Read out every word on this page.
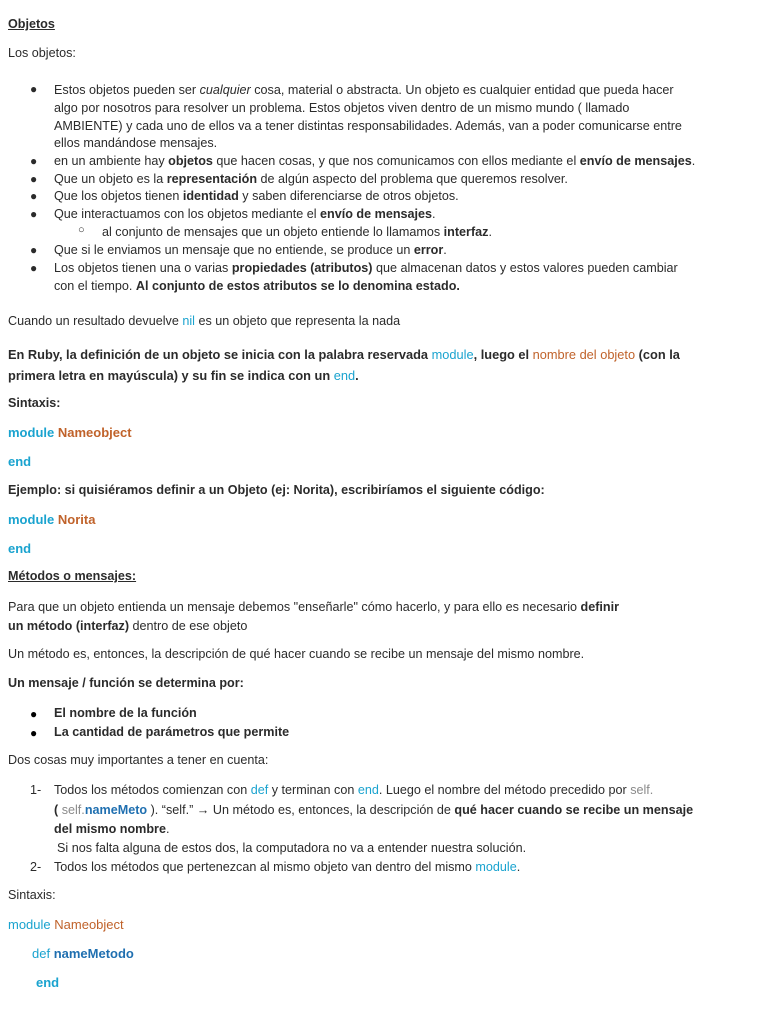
Objetos
Los objetos:
● Estos objetos pueden ser cualquier cosa, material o abstracta. Un objeto es cualquier entidad que pueda hacer
algo por nosotros para resolver un problema. Estos objetos viven dentro de un mismo mundo ( llamado
AMBIENTE) y cada uno de ellos va a tener distintas responsabilidades. Además, van a poder comunicarse entre
ellos mandándose mensajes.
● en un ambiente hay objetos que hacen cosas, y que nos comunicamos con ellos mediante el envío de mensajes.
● Que un objeto es la representación de algún aspecto del problema que queremos resolver.
● Que los objetos tienen identidad y saben diferenciarse de otros objetos.
● Que interactuamos con los objetos mediante el envío de mensajes.
○ al conjunto de mensajes que un objeto entiende lo llamamos interfaz.
● Que si le enviamos un mensaje que no entiende, se produce un error.
● Los objetos tienen una o varias propiedades (atributos) que almacenan datos y estos valores pueden cambiar
con el tiempo. Al conjunto de estos atributos se lo denomina estado.
Cuando un resultado devuelve nil es un objeto que representa la nada
En Ruby, la definición de un objeto se inicia con la palabra reservada module, luego el nombre del objeto (con la
primera letra en mayúscula) y su fin se indica con un end.
Sintaxis:
module Nameobject
end
Ejemplo: si quisiéramos definir a un Objeto (ej: Norita), escribiríamos el siguiente código:
module Norita
end
Métodos o mensajes:
Para que un objeto entienda un mensaje debemos "enseñarle" cómo hacerlo, y para ello es necesario definir
un método (interfaz) dentro de ese objeto
Un método es, entonces, la descripción de qué hacer cuando se recibe un mensaje del mismo nombre.
Un mensaje / función se determina por:
● El nombre de la función
● La cantidad de parámetros que permite
Dos cosas muy importantes a tener en cuenta:
1- Todos los métodos comienzan con def y terminan con end. Luego el nombre del método precedido por self.
( self.nameMeto ). “self.” → Un método es, entonces, la descripción de qué hacer cuando se recibe un mensaje
del mismo nombre.
Si nos falta alguna de estos dos, la computadora no va a entender nuestra solución.
2- Todos los métodos que pertenezcan al mismo objeto van dentro del mismo module.
Sintaxis:
module Nameobject
def nameMetodo
end
